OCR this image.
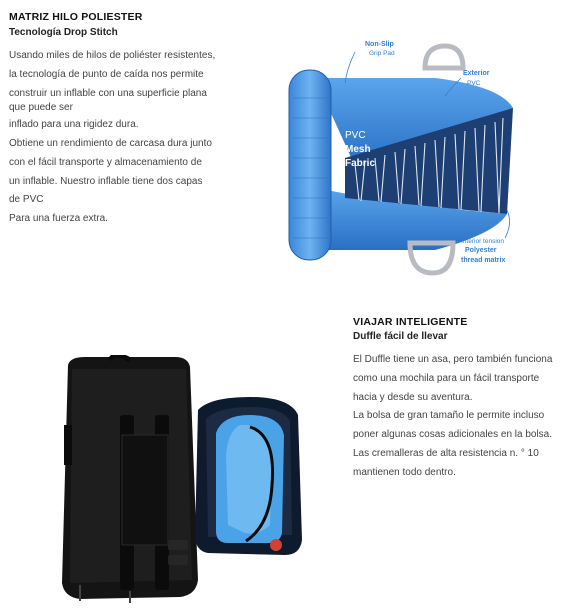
MATRIZ HILO POLIESTER
Tecnología Drop Stitch
Usando miles de hilos de poliéster resistentes,
la tecnología de punto de caída nos permite
construir un inflable con una superficie plana
que puede ser
inflado para una rigidez dura.
Obtiene un rendimiento de carcasa dura junto
con el fácil transporte y almacenamiento de
un inflable. Nuestro inflable tiene dos capas
de PVC
Para una fuerza extra.
Non-Slip
Grip Pad
Exterior
PVC
PVC
Mesh
Fabric
Interior tension
Polyester
thread matrix
VIAJAR INTELIGENTE
Duffle fácil de llevar
El Duffle tiene un asa, pero también funciona
como una mochila para un fácil transporte
hacia y desde su aventura.
La bolsa de gran tamaño le permite incluso
poner algunas cosas adicionales en la bolsa.
Las cremalleras de alta resistencia n. ° 10
mantienen todo dentro.
